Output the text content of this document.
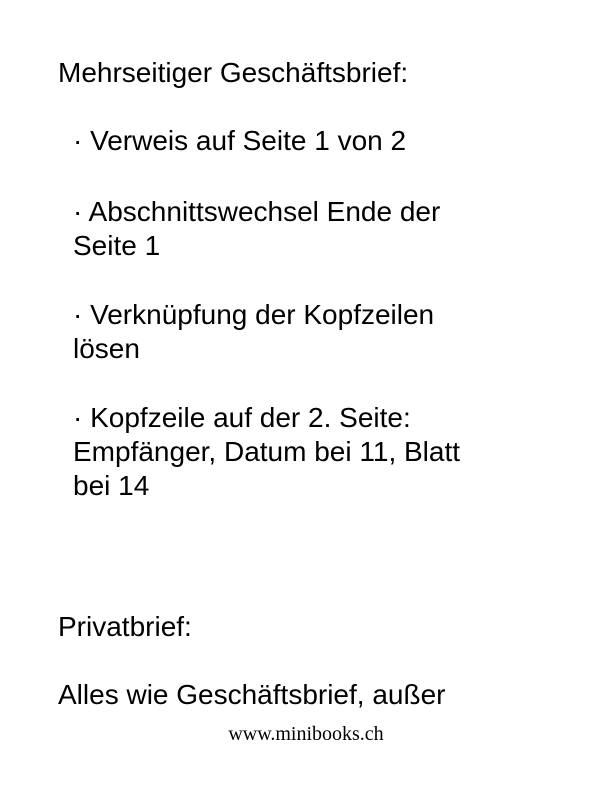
Mehrseitiger Geschäftsbrief:

· Verweis auf Seite 1 von 2

· Abschnittswechsel Ende der

Seite 1

· Verknüpfung der Kopfzeilen

lösen

· Kopfzeile auf der 2. Seite:

Empfänger, Datum bei 11, Blatt

bei 14

Privatbrief:

Alles wie Geschäftsbrief, außer

www.minibooks.ch
